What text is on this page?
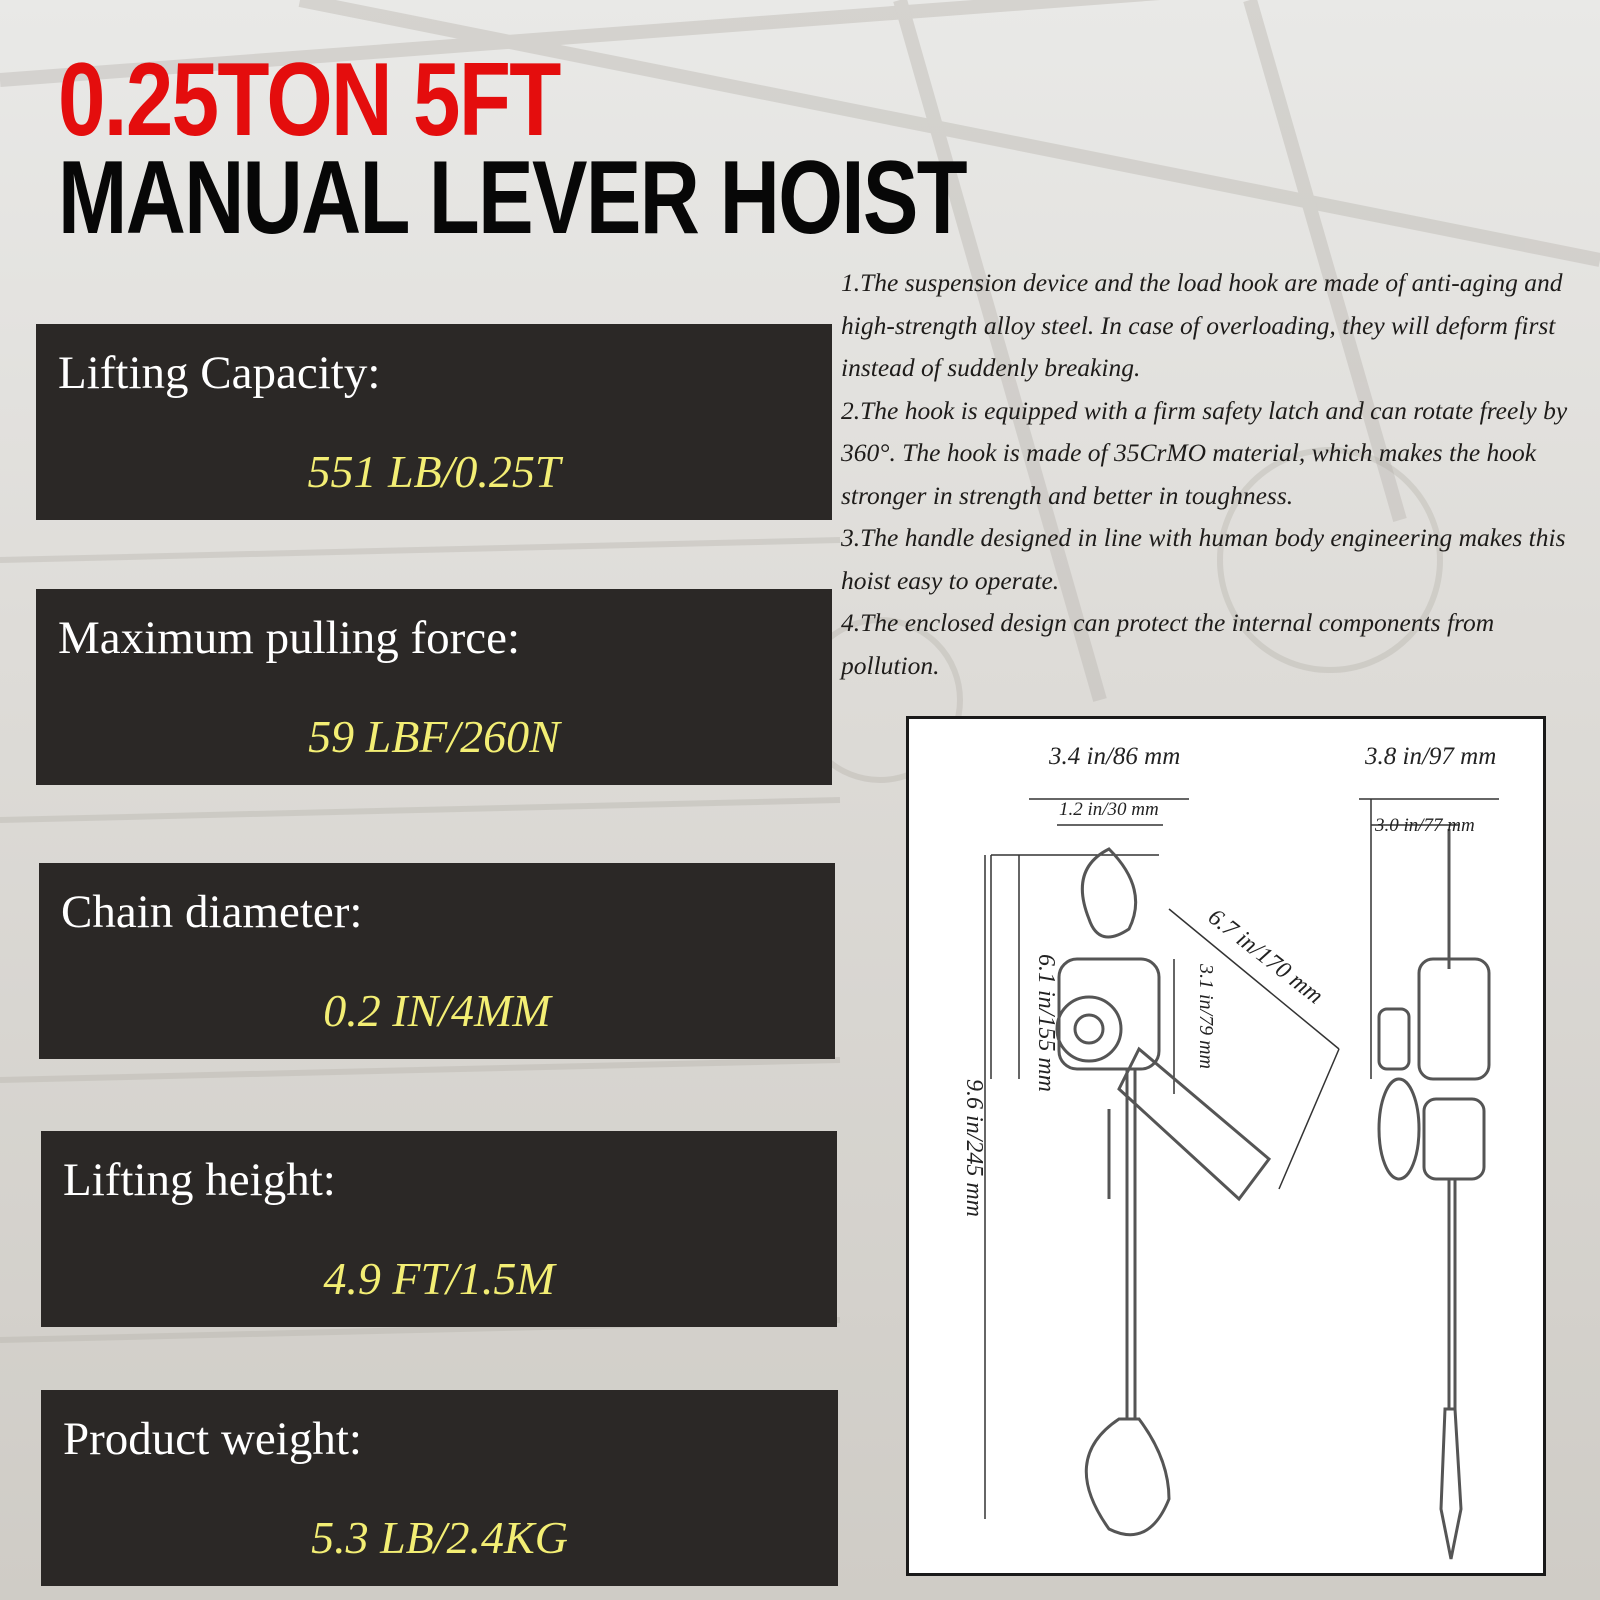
0.25TON 5FT
MANUAL LEVER HOIST
Lifting Capacity:
551 LB/0.25T
Maximum pulling force:
59 LBF/260N
Chain diameter:
0.2 IN/4MM
Lifting height:
4.9 FT/1.5M
Product weight:
5.3 LB/2.4KG

1.The suspension device and the load hook are made of anti-aging and high-strength alloy steel. In case of overloading, they will deform first instead of suddenly breaking.

2.The hook is equipped with a firm safety latch and can rotate freely by 360°. The hook is made of 35CrMO material, which makes the hook stronger in strength and better in toughness.

3.The handle designed in line with human body engineering makes this hoist easy to operate.

4.The enclosed design can protect the internal components from pollution.

3.4 in/86 mm
1.2 in/30 mm
6.1 in/155 mm	3.1 in/79 mm
6.7 in/170 mm
9.6 in/245 mm
3.8 in/97 mm
3.0 in/77 mm
